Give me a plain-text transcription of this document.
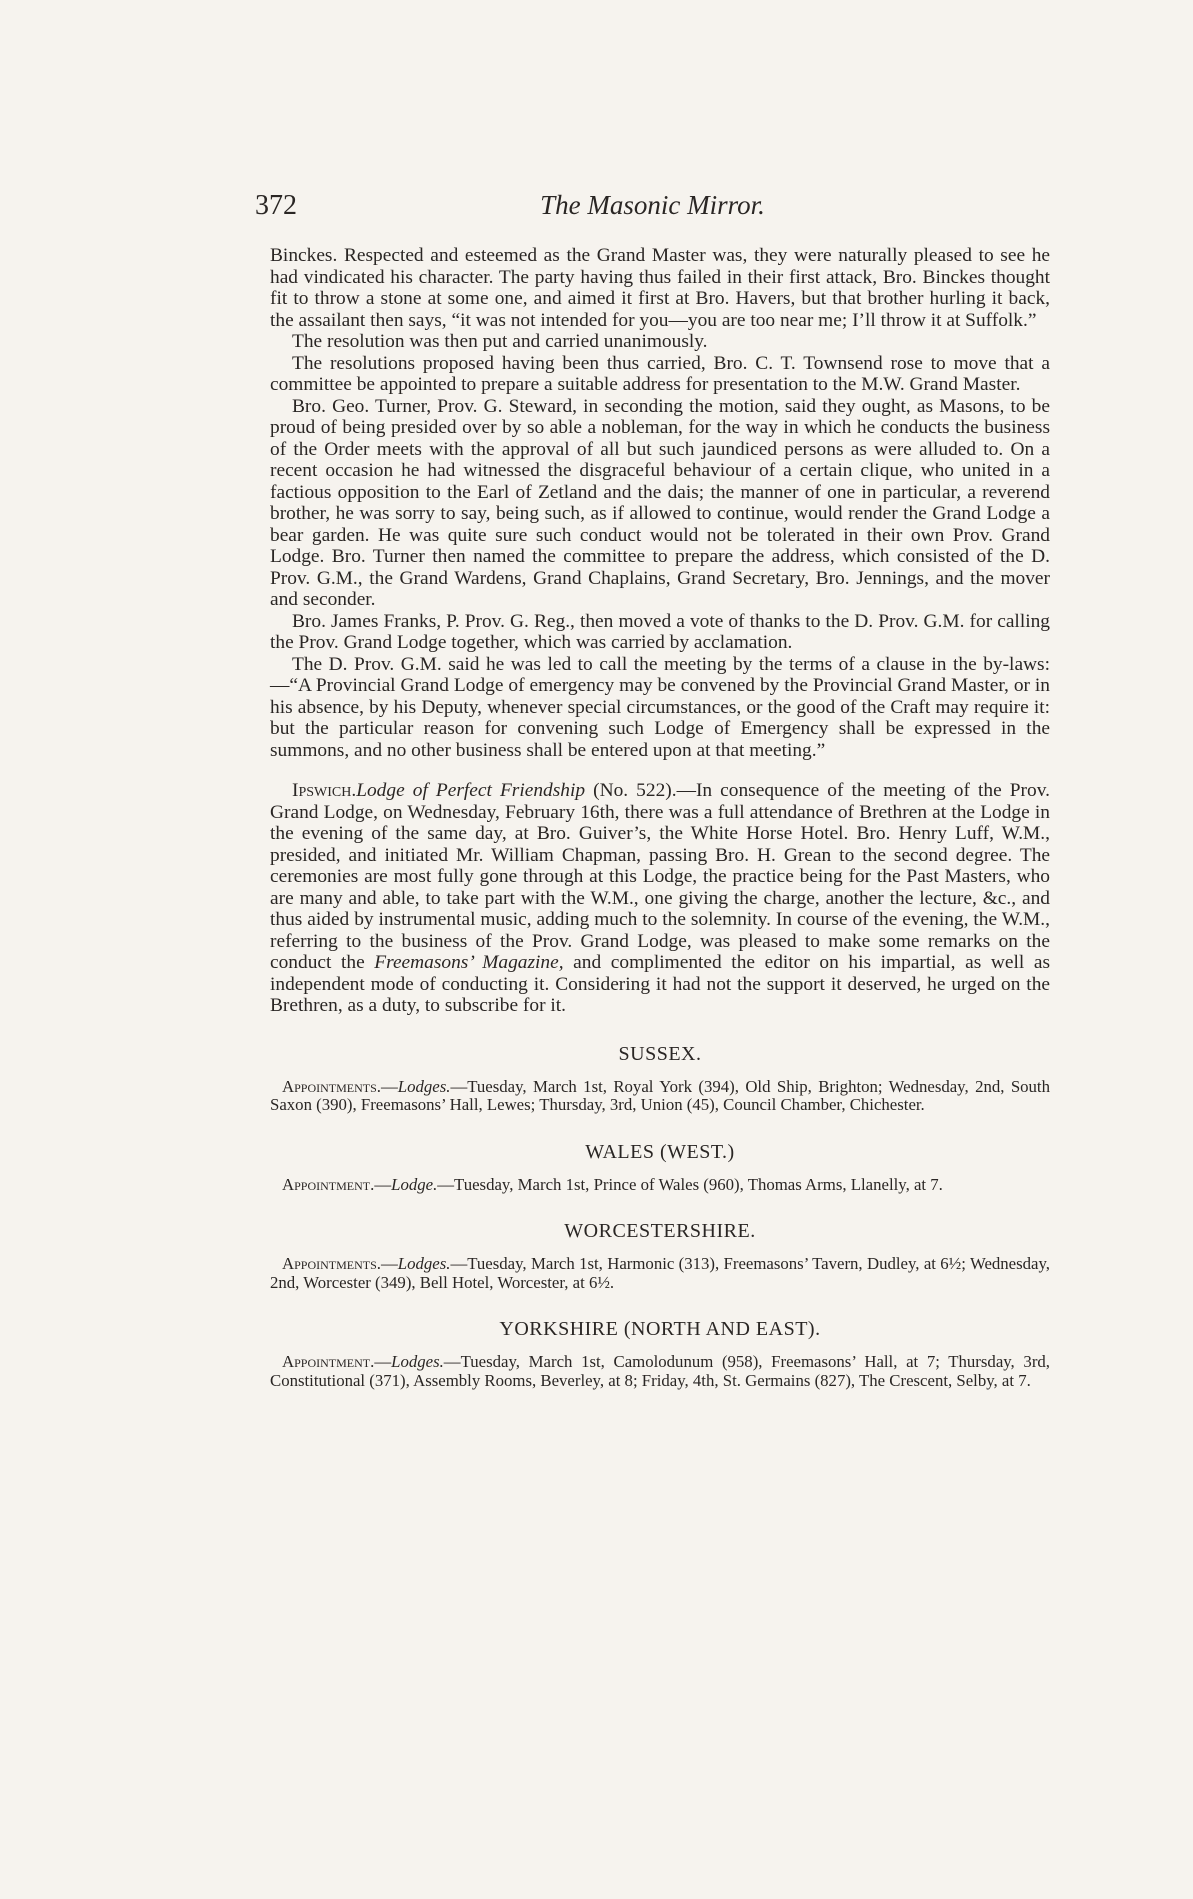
372	The Masonic Mirror.

Binckes. Respected and esteemed as the Grand Master was, they were naturally pleased to see he had vindicated his character. The party having thus failed in their first attack, Bro. Binckes thought fit to throw a stone at some one, and aimed it first at Bro. Havers, but that brother hurling it back, the assailant then says, “it was not intended for you—you are too near me; I’ll throw it at Suffolk.”

The resolution was then put and carried unanimously.

The resolutions proposed having been thus carried, Bro. C. T. Townsend rose to move that a committee be appointed to prepare a suitable address for presentation to the M.W. Grand Master.

Bro. Geo. Turner, Prov. G. Steward, in seconding the motion, said they ought, as Masons, to be proud of being presided over by so able a nobleman, for the way in which he conducts the business of the Order meets with the approval of all but such jaundiced persons as were alluded to. On a recent occasion he had witnessed the disgraceful behaviour of a certain clique, who united in a factious opposition to the Earl of Zetland and the dais; the manner of one in particular, a reverend brother, he was sorry to say, being such, as if allowed to continue, would render the Grand Lodge a bear garden. He was quite sure such conduct would not be tolerated in their own Prov. Grand Lodge. Bro. Turner then named the committee to prepare the address, which consisted of the D. Prov. G.M., the Grand Wardens, Grand Chaplains, Grand Secretary, Bro. Jennings, and the mover and seconder.

Bro. James Franks, P. Prov. G. Reg., then moved a vote of thanks to the D. Prov. G.M. for calling the Prov. Grand Lodge together, which was carried by acclamation.

The D. Prov. G.M. said he was led to call the meeting by the terms of a clause in the by-laws:—“A Provincial Grand Lodge of emergency may be convened by the Provincial Grand Master, or in his absence, by his Deputy, whenever special circumstances, or the good of the Craft may require it: but the particular reason for convening such Lodge of Emergency shall be expressed in the summons, and no other business shall be entered upon at that meeting.”

Ipswich.Lodge of Perfect Friendship (No. 522).—In consequence of the meeting of the Prov. Grand Lodge, on Wednesday, February 16th, there was a full attendance of Brethren at the Lodge in the evening of the same day, at Bro. Guiver’s, the White Horse Hotel. Bro. Henry Luff, W.M., presided, and initiated Mr. William Chapman, passing Bro. H. Grean to the second degree. The ceremonies are most fully gone through at this Lodge, the practice being for the Past Masters, who are many and able, to take part with the W.M., one giving the charge, another the lecture, &c., and thus aided by instrumental music, adding much to the solemnity. In course of the evening, the W.M., referring to the business of the Prov. Grand Lodge, was pleased to make some remarks on the conduct the Freemasons’ Magazine, and complimented the editor on his impartial, as well as independent mode of conducting it. Considering it had not the support it deserved, he urged on the Brethren, as a duty, to subscribe for it.

SUSSEX.

Appointments.—Lodges.—Tuesday, March 1st, Royal York (394), Old Ship, Brighton; Wednesday, 2nd, South Saxon (390), Freemasons’ Hall, Lewes; Thursday, 3rd, Union (45), Council Chamber, Chichester.

WALES (WEST.)

Appointment.—Lodge.—Tuesday, March 1st, Prince of Wales (960), Thomas Arms, Llanelly, at 7.

WORCESTERSHIRE.

Appointments.—Lodges.—Tuesday, March 1st, Harmonic (313), Freemasons’ Tavern, Dudley, at 6½; Wednesday, 2nd, Worcester (349), Bell Hotel, Worcester, at 6½.

YORKSHIRE (NORTH AND EAST).

Appointment.—Lodges.—Tuesday, March 1st, Camolodunum (958), Freemasons’ Hall, at 7; Thursday, 3rd, Constitutional (371), Assembly Rooms, Beverley, at 8; Friday, 4th, St. Germains (827), The Crescent, Selby, at 7.
